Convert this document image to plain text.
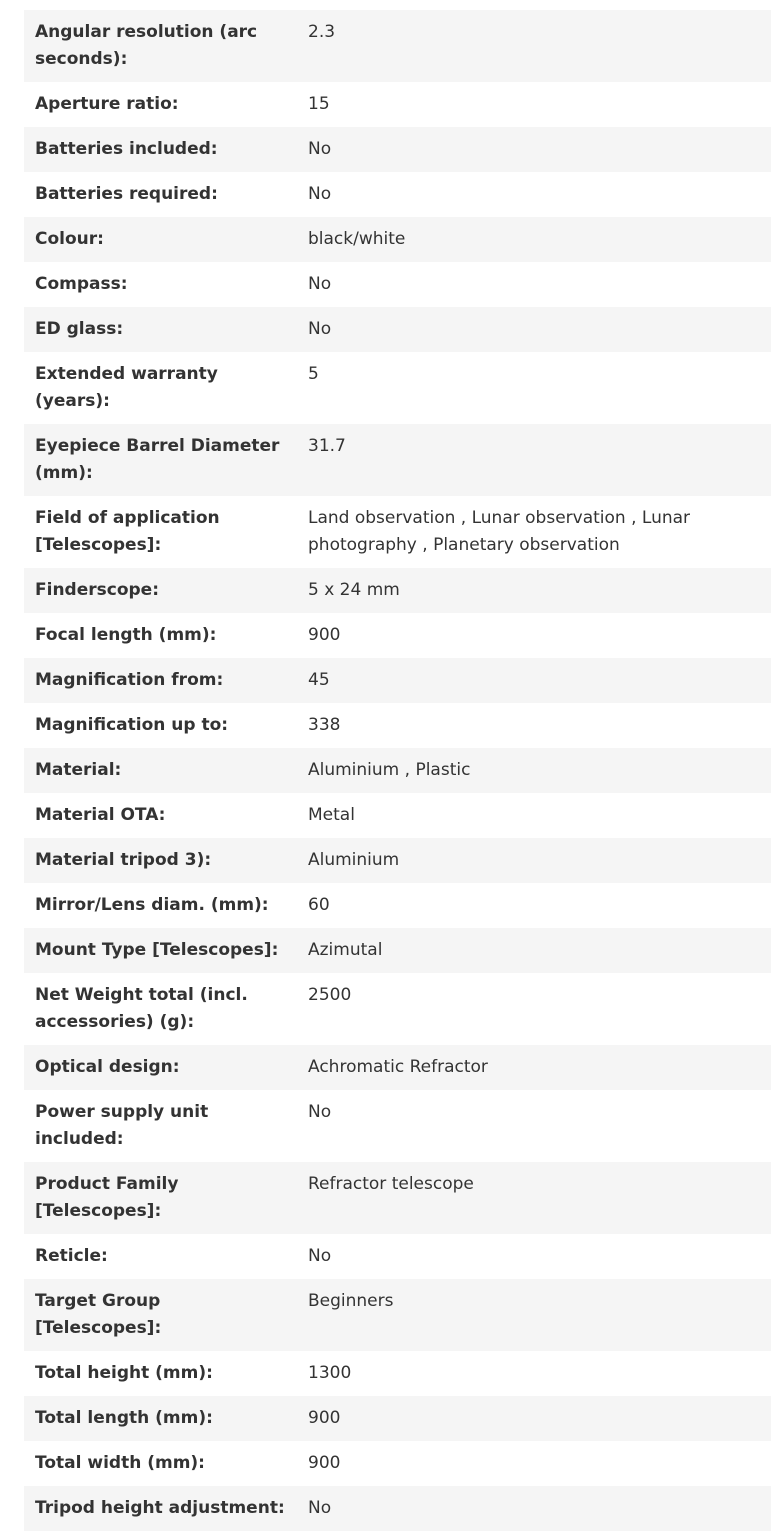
Angular resolution (arc seconds):	2.3
Aperture ratio:	15
Batteries included:	No
Batteries required:	No
Colour:	black/white
Compass:	No
ED glass:	No
Extended warranty (years):	5
Eyepiece Barrel Diameter (mm):	31.7
Field of application [Telescopes]:	Land observation , Lunar observation , Lunar photography , Planetary observation
Finderscope:	5 x 24 mm
Focal length (mm):	900
Magnification from:	45
Magnification up to:	338
Material:	Aluminium , Plastic
Material OTA:	Metal
Material tripod 3):	Aluminium
Mirror/Lens diam. (mm):	60
Mount Type [Telescopes]:	Azimutal
Net Weight total (incl. accessories) (g):	2500
Optical design:	Achromatic Refractor
Power supply unit included:	No
Product Family [Telescopes]:	Refractor telescope
Reticle:	No
Target Group [Telescopes]:	Beginners
Total height (mm):	1300
Total length (mm):	900
Total width (mm):	900
Tripod height adjustment:	No
